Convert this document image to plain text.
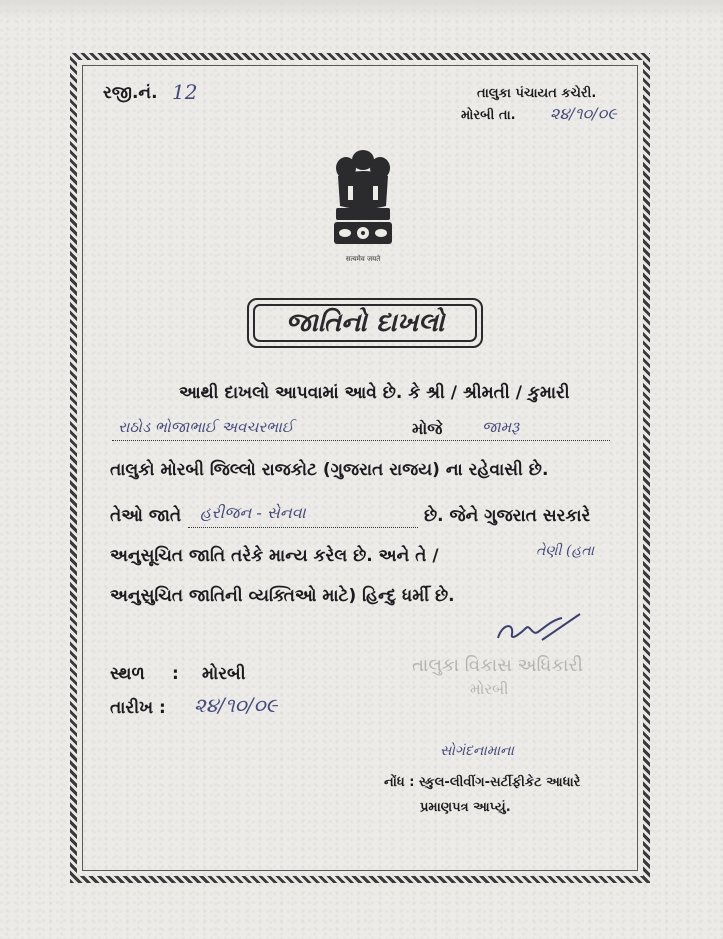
રજી.નં. 12	તાલુકા પંચાયત કચેરી.
મોરબી તા. ૨૪/૧૦/૦૯
सत्यमेव जयते
જાતિનો દાખલો
આથી દાખલો આપવામાં આવે છે. કે શ્રી / શ્રીમતી / કુમારી
રાઠોડ ભોજાભાઈ અવચરભાઈ	મોજે	જામરૂ
તાલુકો મોરબી જિલ્લો રાજકોટ (ગુજરાત રાજય) ના રહેવાસી છે.
તેઓ જાતે હરીજન - સેનવા	છે. જેને ગુજરાત સરકારે
અનુસૂચિત જાતિ તરેકે માન્ય કરેલ છે. અને તે /	તેણી (હતા
અનુસુચિત જાતિની વ્યક્તિઓ માટે) હિન્દુ ધર્મી છે.
સ્થળ : મોરબી
તારીખ : ૨૪/૧૦/૦૯
તાલુકા વિકાસ અધિકારી
મોરબી
સોગંદનામાના
નોંધ : સ્કુલ-લીવીંગ-સર્ટીફીકેટ આધારે
પ્રમાણપત્ર આપ્યું.
